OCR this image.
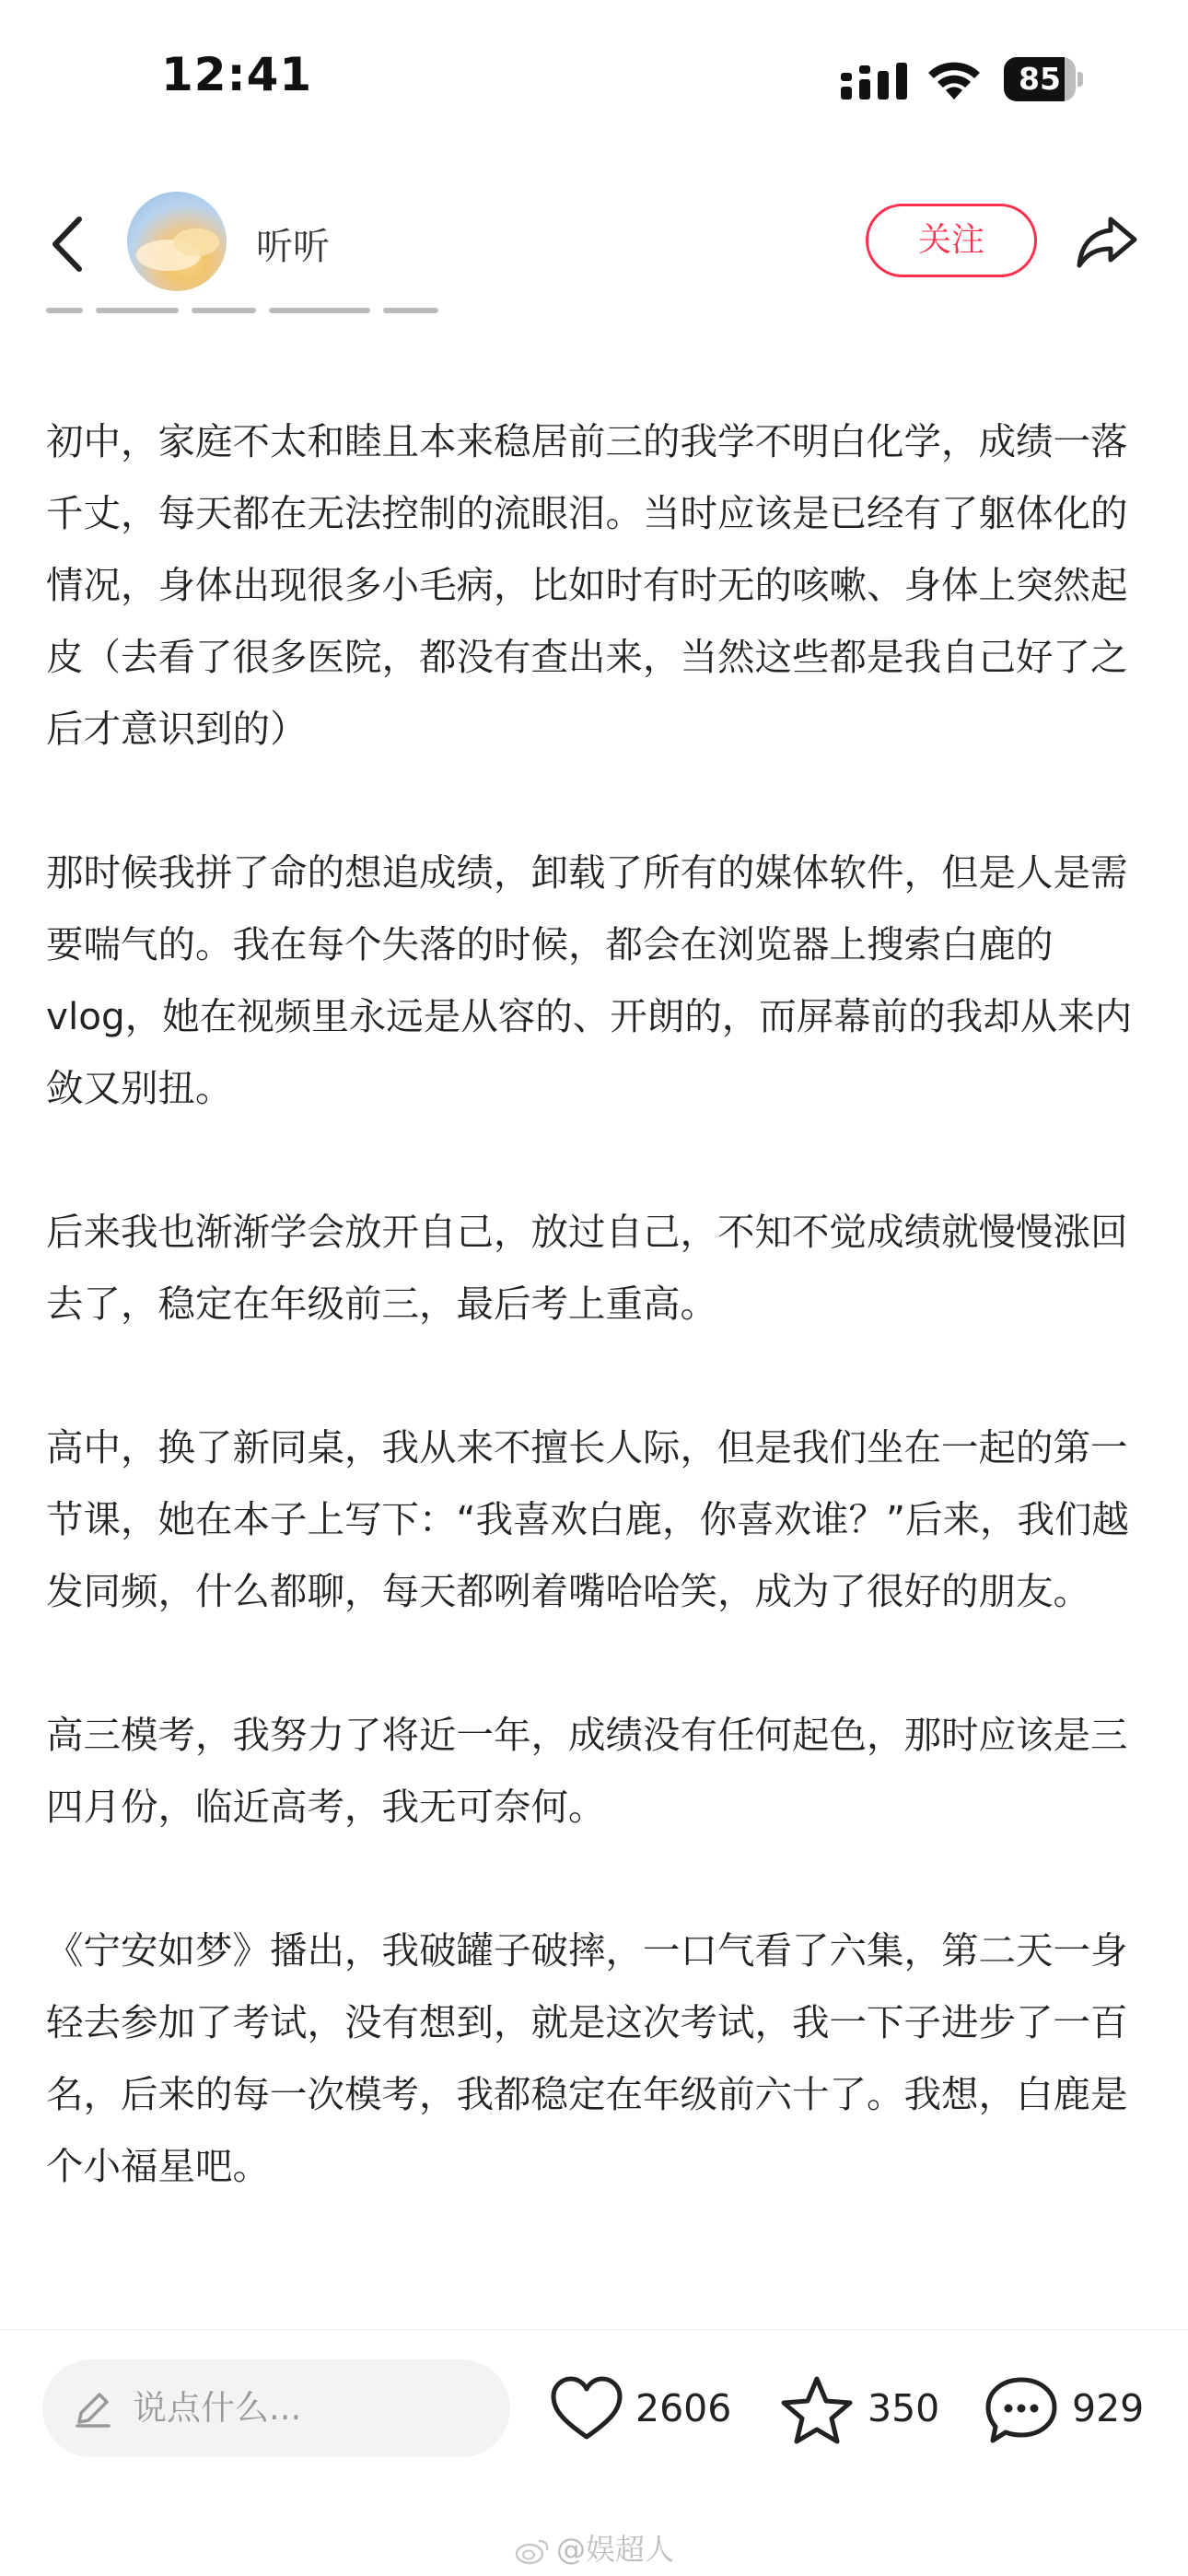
12:41	85
听听	关注

初中，家庭不太和睦且本来稳居前三的我学不明白化学，成绩一落千丈，每天都在无法控制的流眼泪。当时应该是已经有了躯体化的情况，身体出现很多小毛病，比如时有时无的咳嗽、身体上突然起皮（去看了很多医院，都没有查出来，当然这些都是我自己好了之后才意识到的）

那时候我拼了命的想追成绩，卸载了所有的媒体软件，但是人是需要喘气的。我在每个失落的时候，都会在浏览器上搜索白鹿的vlog，她在视频里永远是从容的、开朗的，而屏幕前的我却从来内敛又别扭。

后来我也渐渐学会放开自己，放过自己，不知不觉成绩就慢慢涨回去了，稳定在年级前三，最后考上重高。

高中，换了新同桌，我从来不擅长人际，但是我们坐在一起的第一节课，她在本子上写下：“我喜欢白鹿，你喜欢谁？”后来，我们越发同频，什么都聊，每天都咧着嘴哈哈笑，成为了很好的朋友。

高三模考，我努力了将近一年，成绩没有任何起色，那时应该是三四月份，临近高考，我无可奈何。

《宁安如梦》播出，我破罐子破摔，一口气看了六集，第二天一身轻去参加了考试，没有想到，就是这次考试，我一下子进步了一百名，后来的每一次模考，我都稳定在年级前六十了。我想，白鹿是个小福星吧。

说点什么...	2606	350	929
@娱超人
